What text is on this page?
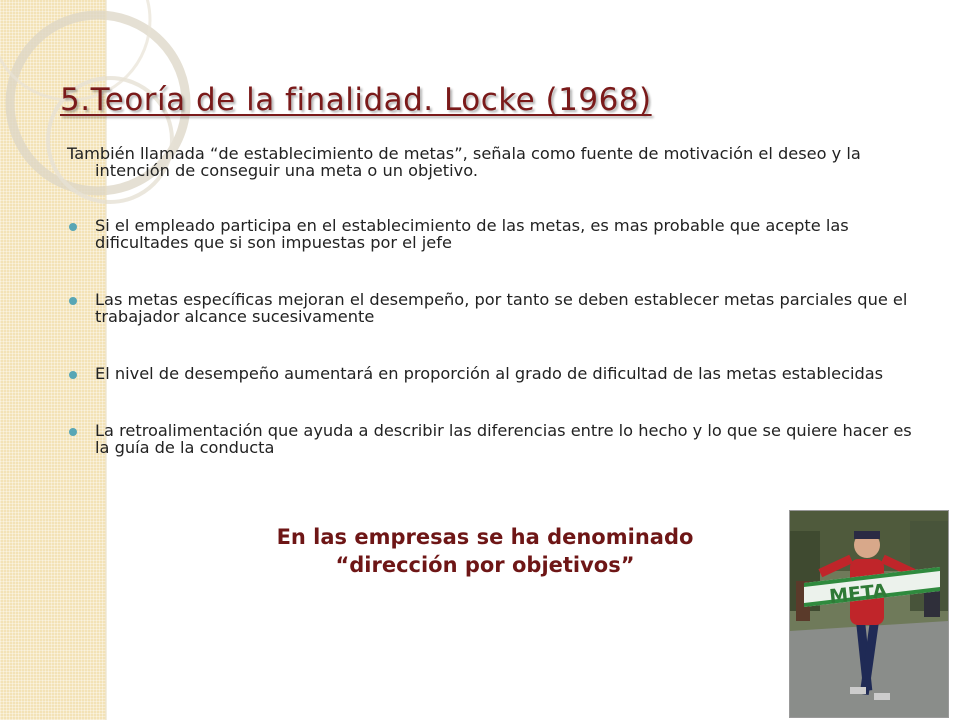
5.Teoría de la finalidad. Locke (1968)

También llamada “de establecimiento de metas”, señala como fuente de motivación el deseo y la intención de conseguir una meta o un objetivo.

Si el empleado participa en el establecimiento de las metas, es mas probable que acepte las dificultades que si son impuestas por el jefe
Las metas específicas mejoran el desempeño, por tanto se deben establecer metas parciales que el trabajador alcance sucesivamente
El nivel de desempeño aumentará en proporción al grado de dificultad de las metas establecidas
La retroalimentación que ayuda a describir las diferencias entre lo hecho y lo que se quiere hacer es la guía de la conducta
En las empresas se ha denominado
“dirección por objetivos”
META
